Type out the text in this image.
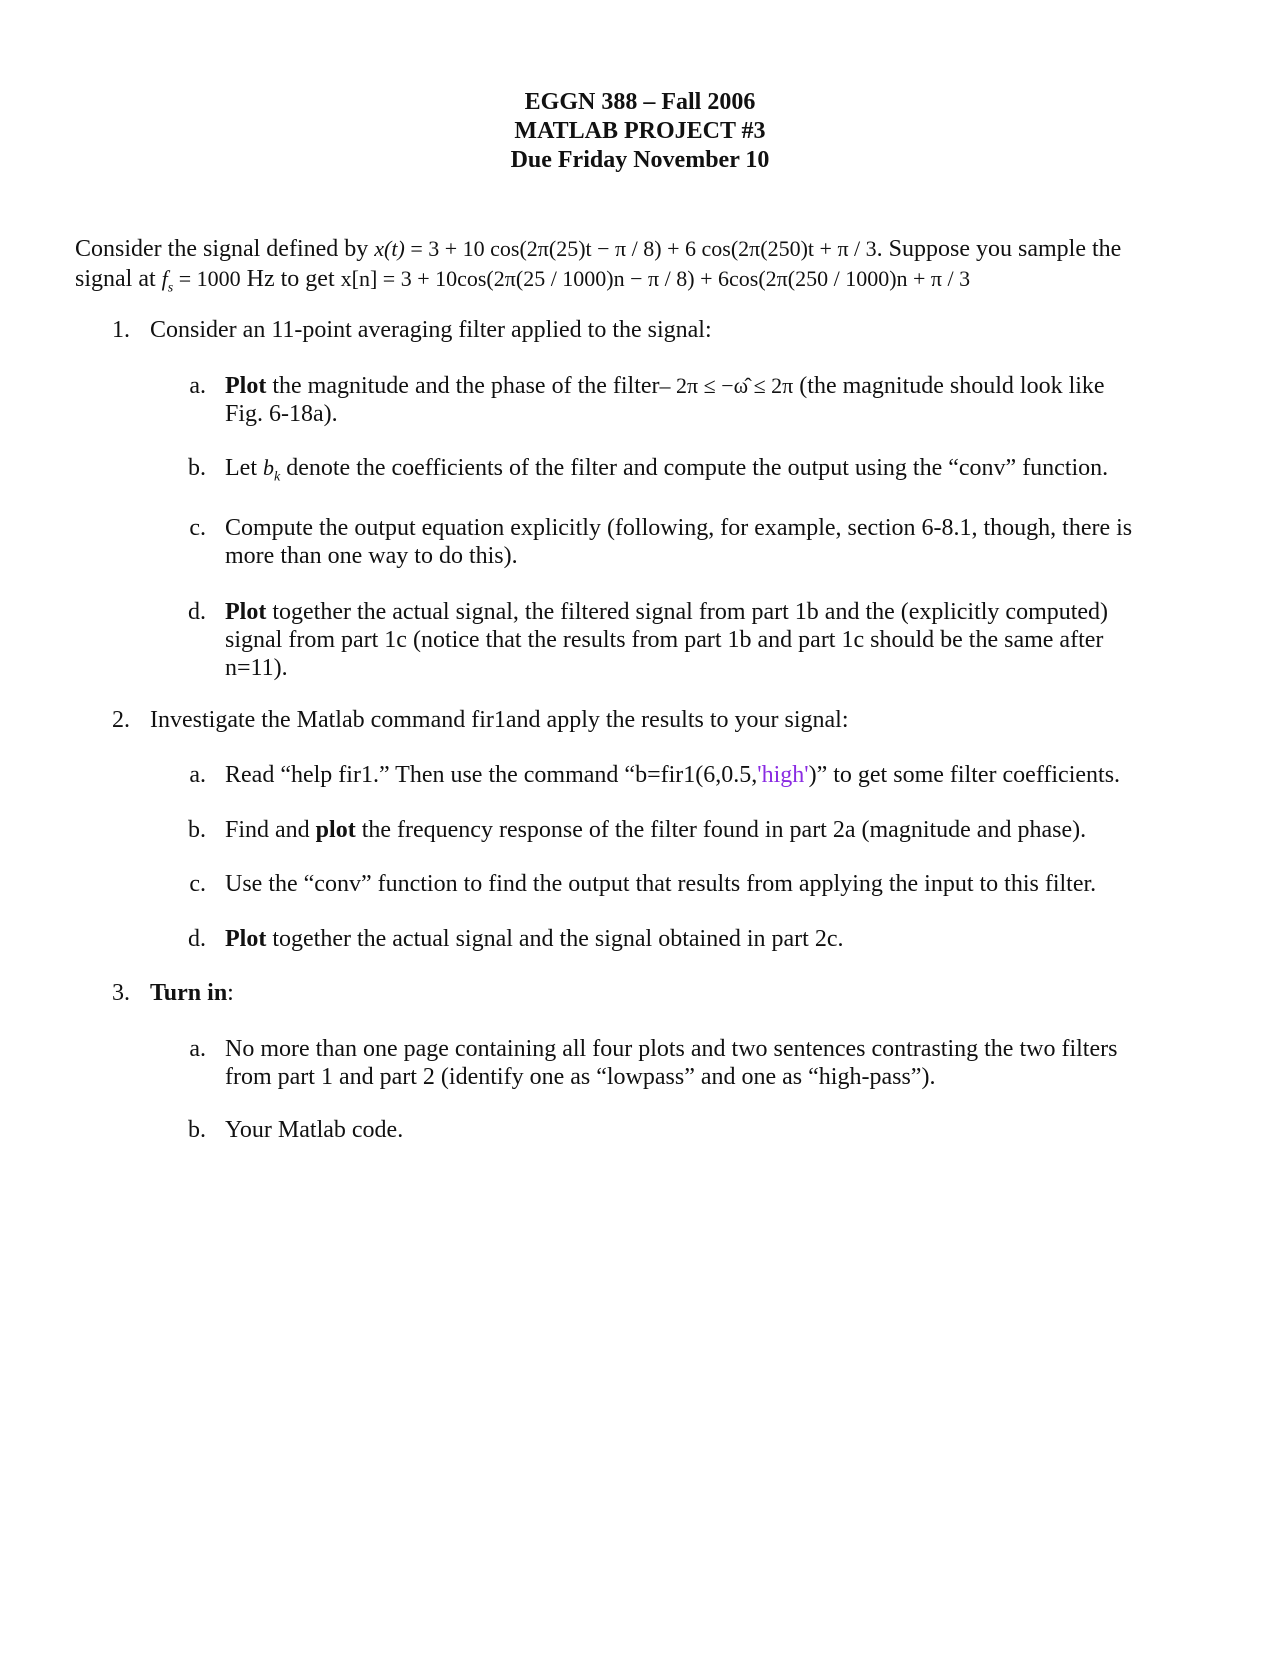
EGGN 388 – Fall 2006
MATLAB PROJECT #3
Due Friday November 10
Consider the signal defined by x(t) = 3 + 10 cos(2π(25)t − π / 8) + 6 cos(2π(250)t + π / 3. Suppose you sample the
signal at $f_s = 1000$ Hz to get x[n] = 3 + 10cos(2π(25 / 1000)n − π / 8) + 6cos(2π(250 / 1000)n + π / 3
1. Consider an 11-point averaging filter applied to the signal:
a. Plot the magnitude and the phase of the filter– 2π ≤ −ω̂ ≤ 2π (the magnitude should look like
Fig. 6-18a).
b. Let $b_k$ denote the coefficients of the filter and compute the output using the “conv” function.
c. Compute the output equation explicitly (following, for example, section 6-8.1, though, there is
more than one way to do this).
d. Plot together the actual signal, the filtered signal from part 1b and the (explicitly computed)
signal from part 1c (notice that the results from part 1b and part 1c should be the same after
n=11).
2. Investigate the Matlab command fir1and apply the results to your signal:
a. Read “help fir1.” Then use the command “b=fir1(6,0.5,'high')” to get some filter coefficients.
b. Find and plot the frequency response of the filter found in part 2a (magnitude and phase).
c. Use the “conv” function to find the output that results from applying the input to this filter.
d. Plot together the actual signal and the signal obtained in part 2c.
3. Turn in:
a. No more than one page containing all four plots and two sentences contrasting the two filters
from part 1 and part 2 (identify one as “lowpass” and one as “high-pass”).
b. Your Matlab code.
